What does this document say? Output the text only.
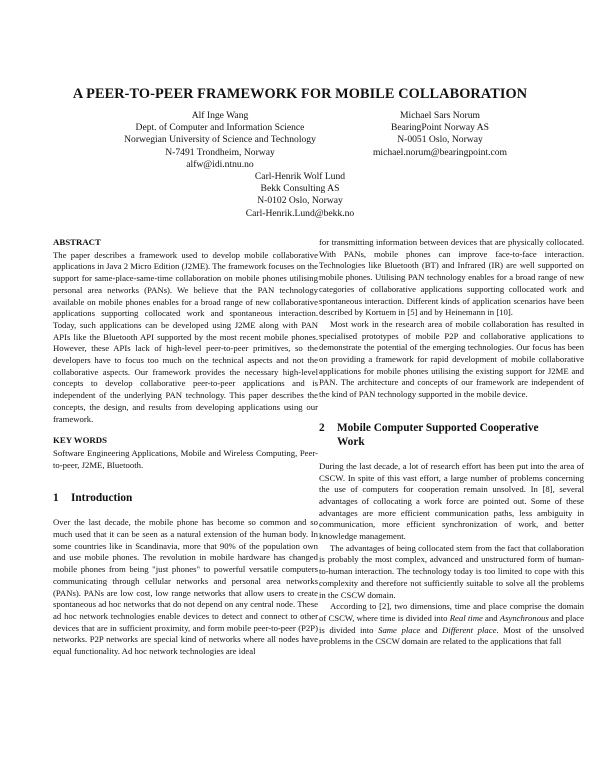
A PEER-TO-PEER FRAMEWORK FOR MOBILE COLLABORATION
Alf Inge Wang
Dept. of Computer and Information Science
Norwegian University of Science and Technology
N-7491 Trondheim, Norway
alfw@idi.ntnu.no
Michael Sars Norum
BearingPoint Norway AS
N-0051 Oslo, Norway
michael.norum@bearingpoint.com
Carl-Henrik Wolf Lund
Bekk Consulting AS
N-0102 Oslo, Norway
Carl-Henrik.Lund@bekk.no
ABSTRACT

The paper describes a framework used to develop mobile collaborative applications in Java 2 Micro Edition (J2ME). The framework focuses on the support for same-place-same-time collaboration on mobile phones utilising personal area networks (PANs). We believe that the PAN technology available on mobile phones enables for a broad range of new collaborative applications supporting collocated work and spontaneous interaction. Today, such applications can be developed using J2ME along with PAN APIs like the Bluetooth API supported by the most recent mobile phones. However, these APIs lack of high-level peer-to-peer primitives, so the developers have to focus too much on the technical aspects and not the collaborative aspects. Our framework provides the necessary high-level concepts to develop collaborative peer-to-peer applications and is independent of the underlying PAN technology. This paper describes the concepts, the design, and results from developing applications using our framework.

KEY WORDS

Software Engineering Applications, Mobile and Wireless Computing, Peer-to-peer, J2ME, Bluetooth.

1	Introduction

Over the last decade, the mobile phone has become so common and so much used that it can be seen as a natural extension of the human body. In some countries like in Scandinavia, more that 90% of the population own and use mobile phones. The revolution in mobile hardware has changed mobile phones from being "just phones" to powerful versatile computers communicating through cellular networks and personal area networks (PANs). PANs are low cost, low range networks that allow users to create spontaneous ad hoc networks that do not depend on any central node. These ad hoc network technologies enable devices to detect and connect to other devices that are in sufficient proximity, and form mobile peer-to-peer (P2P) networks. P2P networks are special kind of networks where all nodes have equal functionality. Ad hoc network technologies are ideal

for transmitting information between devices that are physically collocated. With PANs, mobile phones can improve face-to-face interaction. Technologies like Bluetooth (BT) and Infrared (IR) are well supported on mobile phones. Utilising PAN technology enables for a broad range of new categories of collaborative applications supporting collocated work and spontaneous interaction. Different kinds of application scenarios have been described by Kortuem in [5] and by Heinemann in [10].

Most work in the research area of mobile collaboration has resulted in specialised prototypes of mobile P2P and collaborative applications to demonstrate the potential of the emerging technologies. Our focus has been on providing a framework for rapid development of mobile collaborative applications for mobile phones utilising the existing support for J2ME and PAN. The architecture and concepts of our framework are independent of the kind of PAN technology supported in the mobile device.

2	Mobile Computer Supported Cooperative
Work

During the last decade, a lot of research effort has been put into the area of CSCW. In spite of this vast effort, a large number of problems concerning the use of computers for cooperation remain unsolved. In [8], several advantages of collocating a work force are pointed out. Some of these advantages are more efficient communication paths, less ambiguity in communication, more efficient synchronization of work, and better knowledge management.

The advantages of being collocated stem from the fact that collaboration is probably the most complex, advanced and unstructured form of human-to-human interaction. The technology today is too limited to cope with this complexity and therefore not sufficiently suitable to solve all the problems in the CSCW domain.

According to [2], two dimensions, time and place comprise the domain of CSCW, where time is divided into Real time and Asynchronous and place is divided into Same place and Different place. Most of the unsolved problems in the CSCW domain are related to the applications that fall
